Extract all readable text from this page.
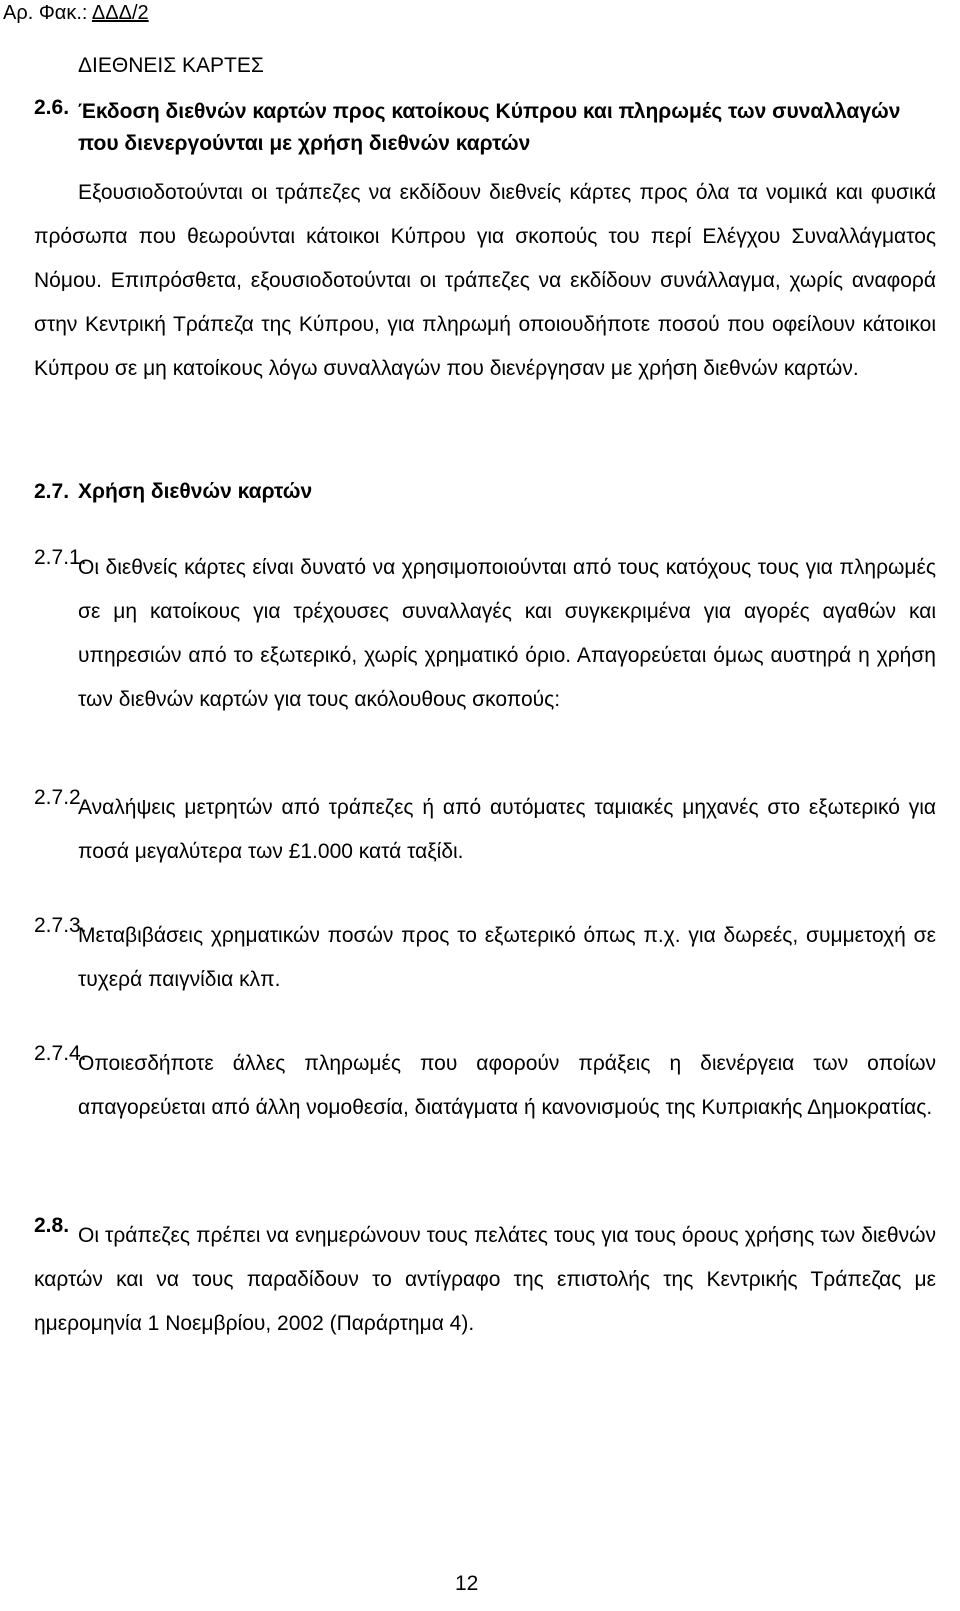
Αρ. Φακ.: ΔΔΔ/2
ΔΙΕΘΝΕΙΣ ΚΑΡΤΕΣ
2.6. Έκδοση διεθνών καρτών προς κατοίκους Κύπρου και πληρωμές των συναλλαγών που διενεργούνται με χρήση διεθνών καρτών
Εξουσιοδοτούνται οι τράπεζες να εκδίδουν διεθνείς κάρτες προς όλα τα νομικά και φυσικά πρόσωπα που θεωρούνται κάτοικοι Κύπρου για σκοπούς του περί Ελέγχου Συναλλάγματος Νόμου. Επιπρόσθετα, εξουσιοδοτούνται οι τράπεζες να εκδίδουν συνάλλαγμα, χωρίς αναφορά στην Κεντρική Τράπεζα της Κύπρου, για πληρωμή οποιουδήποτε ποσού που οφείλουν κάτοικοι Κύπρου σε μη κατοίκους λόγω συναλλαγών που διενέργησαν με χρήση διεθνών καρτών.
2.7. Χρήση διεθνών καρτών
2.7.1.
Οι διεθνείς κάρτες είναι δυνατό να χρησιμοποιούνται από τους κατόχους τους για πληρωμές σε μη κατοίκους για τρέχουσες συναλλαγές και συγκεκριμένα για αγορές αγαθών και υπηρεσιών από το εξωτερικό, χωρίς χρηματικό όριο. Απαγορεύεται όμως αυστηρά η χρήση των διεθνών καρτών για τους ακόλουθους σκοπούς:
2.7.2.
Αναλήψεις μετρητών από τράπεζες ή από αυτόματες ταμιακές μηχανές στο εξωτερικό για ποσά μεγαλύτερα των £1.000 κατά ταξίδι.
2.7.3.
Μεταβιβάσεις χρηματικών ποσών προς το εξωτερικό όπως π.χ. για δωρεές, συμμετοχή σε τυχερά παιγνίδια κλπ.
2.7.4.
Οποιεσδήποτε άλλες πληρωμές που αφορούν πράξεις η διενέργεια των οποίων απαγορεύεται από άλλη νομοθεσία, διατάγματα ή κανονισμούς της Κυπριακής Δημοκρατίας.
2.8. Οι τράπεζες πρέπει να ενημερώνουν τους πελάτες τους για τους όρους χρήσης των διεθνών καρτών και να τους παραδίδουν το αντίγραφο της επιστολής της Κεντρικής Τράπεζας με ημερομηνία 1 Νοεμβρίου, 2002 (Παράρτημα 4).
12
